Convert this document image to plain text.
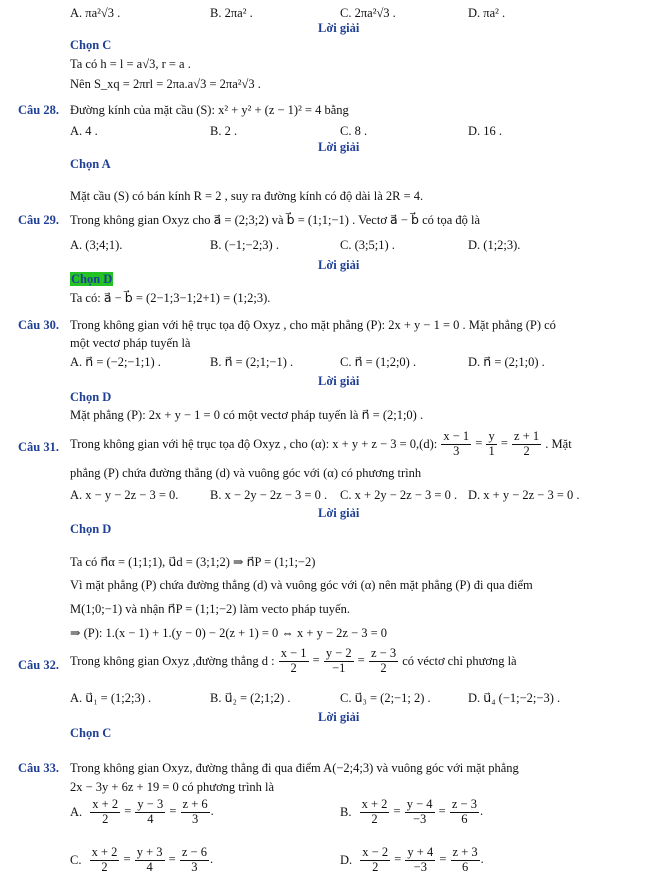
A. πa²√3 .	B. 2πa² .	C. 2πa²√3 .	D. πa² .
Lời giải
Chọn C
Ta có h = l = a√3, r = a .
Nên S_xq = 2πrl = 2πa.a√3 = 2πa²√3 .
Câu 28. Đường kính của mặt cầu (S): x² + y² + (z − 1)² = 4 bằng
A. 4 .	B. 2 .	C. 8 .	D. 16 .
Lời giải
Chọn A
Mặt cầu (S) có bán kính R = 2 , suy ra đường kính có độ dài là 2R = 4.
Câu 29. Trong không gian Oxyz cho a⃗ = (2;3;2) và b⃗ = (1;1;−1) . Vectơ a⃗ − b⃗ có tọa độ là
A. (3;4;1).	B. (−1;−2;3) .	C. (3;5;1) .	D. (1;2;3).
Lời giải
Chọn D
Ta có: a⃗ − b⃗ = (2−1;3−1;2+1) = (1;2;3).
Câu 30. Trong không gian với hệ trục tọa độ Oxyz , cho mặt phẳng (P): 2x + y − 1 = 0 . Mặt phẳng (P) có
một vectơ pháp tuyến là
A. n⃗ = (−2;−1;1) .	B. n⃗ = (2;1;−1) .	C. n⃗ = (1;2;0) .	D. n⃗ = (2;1;0) .
Lời giải
Chọn D
Mặt phẳng (P): 2x + y − 1 = 0 có một vectơ pháp tuyến là n⃗ = (2;1;0) .
Câu 31. Trong không gian với hệ trục tọa độ Oxyz , cho (α): x + y + z − 3 = 0,(d): $\frac{x - 1}{3} = \frac{y}{1} = \frac{z + 1}{2}$ . Mặt
phẳng (P) chứa đường thẳng (d) và vuông góc với (α) có phương trình
A. x − y − 2z − 3 = 0.	B. x − 2y − 2z − 3 = 0 . C. x + 2y − 2z − 3 = 0 . D. x + y − 2z − 3 = 0 .
Lời giải
Chọn D
Ta có n⃗α = (1;1;1), u⃗d = (3;1;2) ⇒ n⃗P = (1;1;−2)
Vì mặt phẳng (P) chứa đường thẳng (d) và vuông góc với (α) nên mặt phẳng (P) đi qua điểm
M(1;0;−1) và nhận n⃗P = (1;1;−2) làm vecto pháp tuyến.
⇒ (P): 1.(x − 1) + 1.(y − 0) − 2(z + 1) = 0 ⇔ x + y − 2z − 3 = 0
Câu 32. Trong không gian Oxyz ,đường thẳng d : $\frac{x - 1}{2} = \frac{y - 2}{-1} = \frac{z - 3}{2}$ có véctơ chỉ phương là
A. u⃗₁ = (1;2;3) .	B. u⃗₂ = (2;1;2) .	C. u⃗₃ = (2;−1; 2) .	D. u⃗₄ (−1;−2;−3) .
Lời giải
Chọn C
Câu 33. Trong không gian Oxyz, đường thẳng đi qua điểm A(−2;4;3) và vuông góc với mặt phẳng
2x − 3y + 6z + 19 = 0 có phương trình là
A. $\frac{x + 2}{2} = \frac{y - 3}{4} = \frac{z + 6}{3}$ .	B. $\frac{x + 2}{2} = \frac{y - 4}{-3} = \frac{z - 3}{6}$ .
C. $\frac{x + 2}{2} = \frac{y + 3}{4} = \frac{z - 6}{3}$ .	D. $\frac{x - 2}{2} = \frac{y + 4}{-3} = \frac{z + 3}{6}$ .
